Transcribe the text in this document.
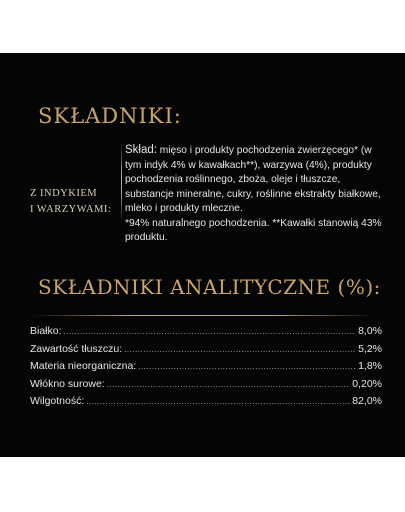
SKŁADNIKI:
Z INDYKIEM
I WARZYWAMI:

Skład: mięso i produkty pochodzenia zwierzęcego* (w tym indyk 4% w kawałkach**), warzywa (4%), produkty pochodzenia roślinnego, zboża, oleje i tłuszcze, substancje mineralne, cukry, roślinne ekstrakty białkowe, mleko i produkty mleczne.

*94% naturalnego pochodzenia. **Kawałki stanowią 43% produktu.

SKŁADNIKI ANALITYCZNE (%):
Białko: .....	8,0%
Zawartość tłuszczu: .....	5,2%
Materia nieorganiczna: .....	1,8%
Włókno surowe: .....	0,20%
Wilgotność: .....	82,0%
